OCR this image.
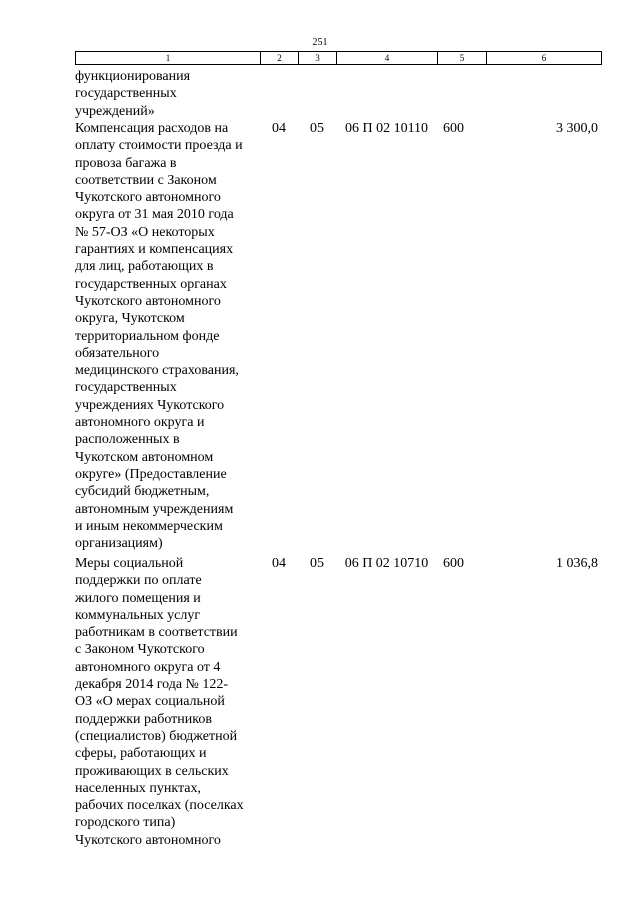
251
1	2	3	4	5	6
функционирования
государственных
учреждений»
Компенсация расходов на
оплату стоимости проезда и
провоза багажа в
соответствии с Законом
Чукотского автономного
округа от 31 мая 2010 года
№ 57-ОЗ «О некоторых
гарантиях и компенсациях
для лиц, работающих в
государственных органах
Чукотского автономного
округа, Чукотском
территориальном фонде
обязательного
медицинского страхования,
государственных
учреждениях Чукотского
автономного округа и
расположенных в
Чукотском автономном
округе» (Предоставление
субсидий бюджетным,
автономным учреждениям
и иным некоммерческим
организациям)
04	05	06 П 02 10110	600	3 300,0
Меры социальной
поддержки по оплате
жилого помещения и
коммунальных услуг
работникам в соответствии
с Законом Чукотского
автономного округа от 4
декабря 2014 года № 122-
ОЗ «О мерах социальной
поддержки работников
(специалистов) бюджетной
сферы, работающих и
проживающих в сельских
населенных пунктах,
рабочих поселках (поселках
городского типа)
Чукотского автономного
04	05	06 П 02 10710	600	1 036,8
